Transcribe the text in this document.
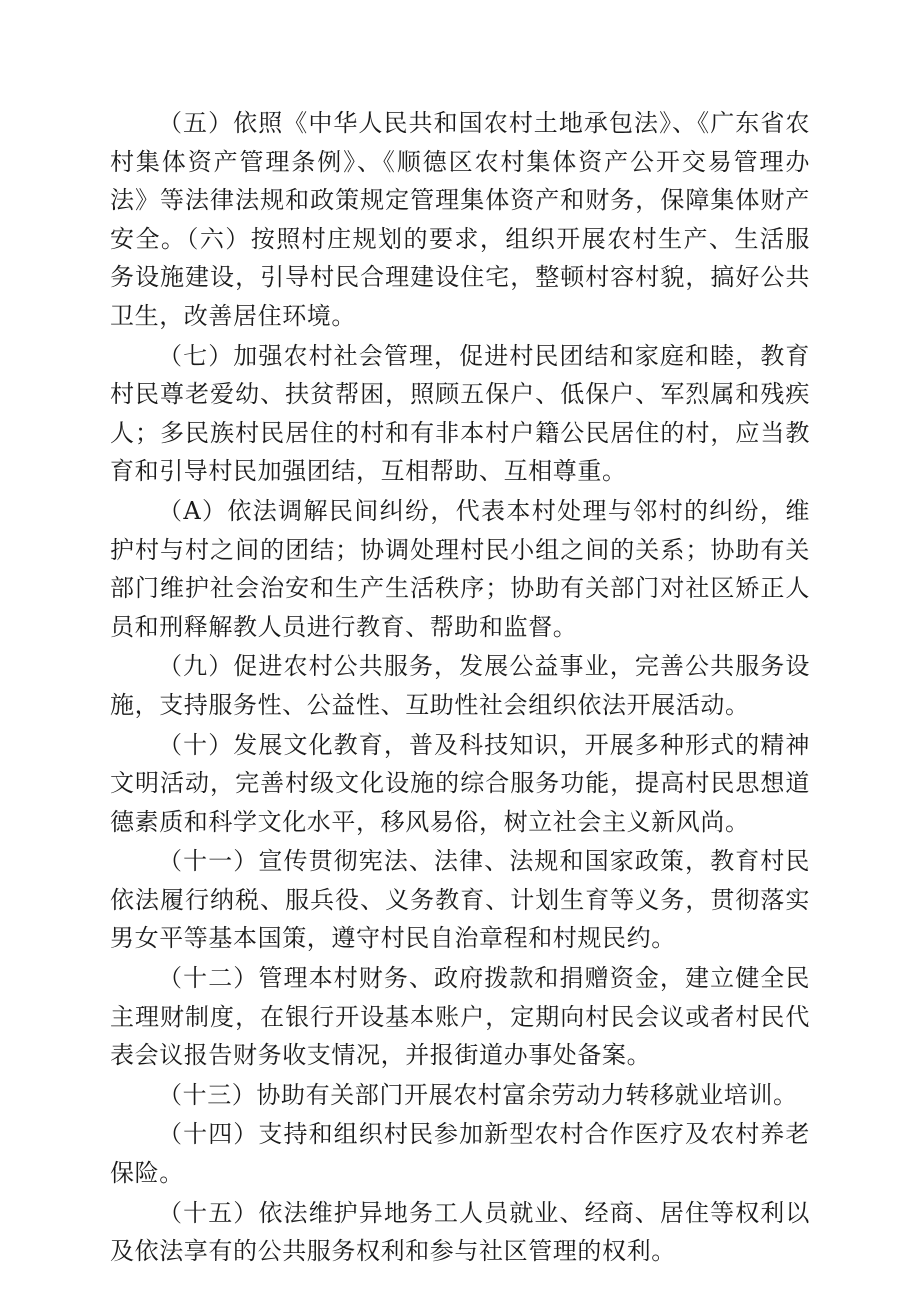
（五）依照《中华人民共和国农村土地承包法》、《广东省农村集体资产管理条例》、《顺德区农村集体资产公开交易管理办法》等法律法规和政策规定管理集体资产和财务，保障集体财产安全。（六）按照村庄规划的要求，组织开展农村生产、生活服务设施建设，引导村民合理建设住宅，整顿村容村貌，搞好公共卫生，改善居住环境。

（七）加强农村社会管理，促进村民团结和家庭和睦，教育村民尊老爱幼、扶贫帮困，照顾五保户、低保户、军烈属和残疾人；多民族村民居住的村和有非本村户籍公民居住的村，应当教育和引导村民加强团结，互相帮助、互相尊重。

（A）依法调解民间纠纷，代表本村处理与邻村的纠纷，维护村与村之间的团结；协调处理村民小组之间的关系；协助有关部门维护社会治安和生产生活秩序；协助有关部门对社区矫正人员和刑释解教人员进行教育、帮助和监督。

（九）促进农村公共服务，发展公益事业，完善公共服务设施，支持服务性、公益性、互助性社会组织依法开展活动。

（十）发展文化教育，普及科技知识，开展多种形式的精神文明活动，完善村级文化设施的综合服务功能，提高村民思想道德素质和科学文化水平，移风易俗，树立社会主义新风尚。

（十一）宣传贯彻宪法、法律、法规和国家政策，教育村民依法履行纳税、服兵役、义务教育、计划生育等义务，贯彻落实男女平等基本国策，遵守村民自治章程和村规民约。

（十二）管理本村财务、政府拨款和捐赠资金，建立健全民主理财制度，在银行开设基本账户，定期向村民会议或者村民代表会议报告财务收支情况，并报街道办事处备案。

（十三）协助有关部门开展农村富余劳动力转移就业培训。

（十四）支持和组织村民参加新型农村合作医疗及农村养老保险。

（十五）依法维护异地务工人员就业、经商、居住等权利以及依法享有的公共服务权利和参与社区管理的权利。
